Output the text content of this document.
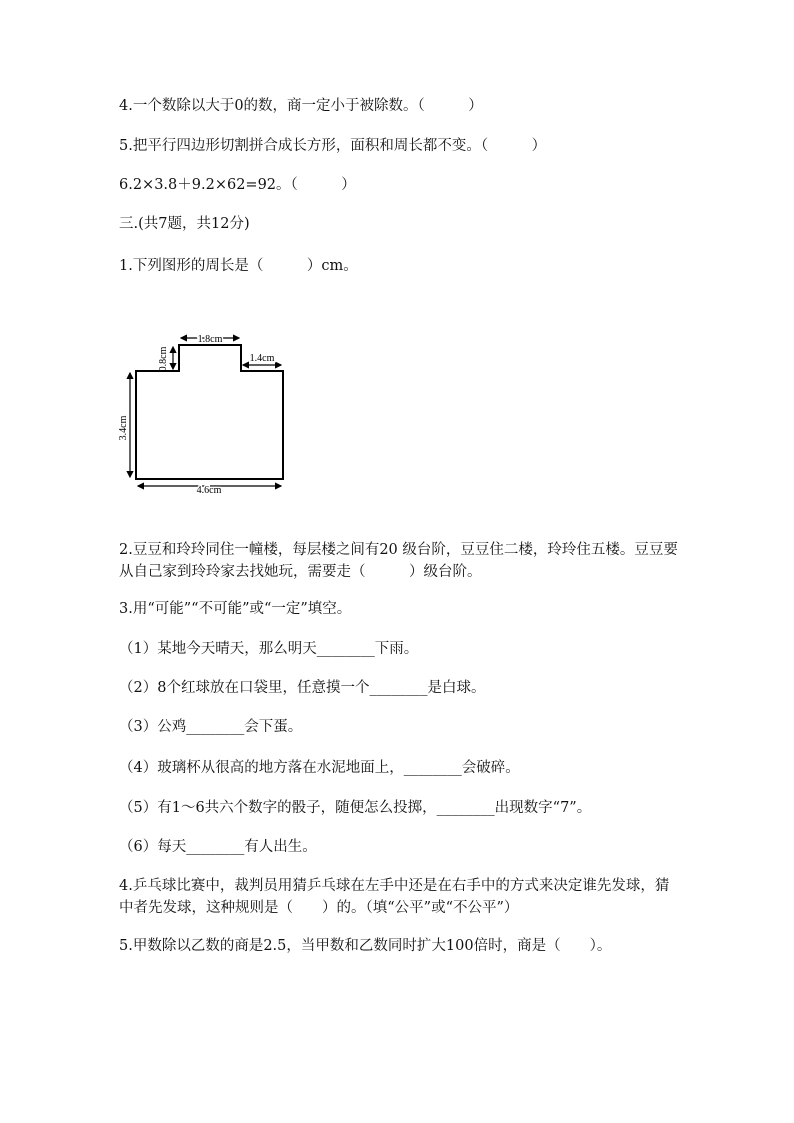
4.一个数除以大于0的数，商一定小于被除数。（　　　）
5.把平行四边形切割拼合成长方形，面积和周长都不变。（　　　）
6.2×3.8＋9.2×62=92。（　　　）
三.(共7题，共12分)
1.下列图形的周长是（　　　）cm。
1.8cm
0.8cm	1.4cm
3.4cm
4.6cm
2.豆豆和玲玲同住一幢楼，每层楼之间有20 级台阶，豆豆住二楼，玲玲住五楼。豆豆要从自己家到玲玲家去找她玩，需要走（　　　）级台阶。
3.用“可能”“不可能”或“一定”填空。
（1）某地今天晴天，那么明天________下雨。
（2）8个红球放在口袋里，任意摸一个________是白球。
（3）公鸡________会下蛋。
（4）玻璃杯从很高的地方落在水泥地面上，________会破碎。
（5）有1～6共六个数字的骰子，随便怎么投掷，________出现数字“7”。
（6）每天________有人出生。
4.乒乓球比赛中，裁判员用猜乒乓球在左手中还是在右手中的方式来决定谁先发球，猜中者先发球，这种规则是（　　）的。（填“公平”或“不公平”）
5.甲数除以乙数的商是2.5，当甲数和乙数同时扩大100倍时，商是（　　）。
